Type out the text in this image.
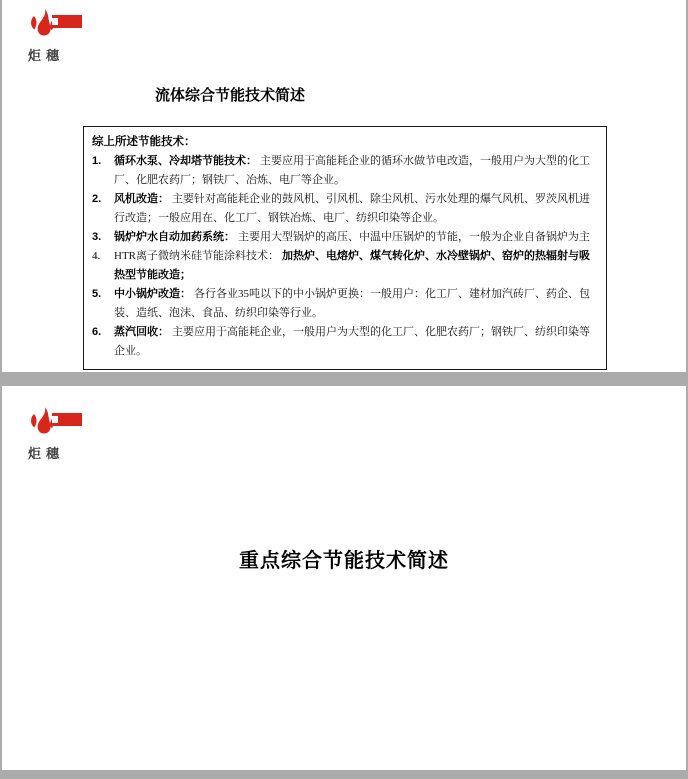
炬穗
流体综合节能技术简述
综上所述节能技术：
1.	循环水泵、冷却塔节能技术： 主要应用于高能耗企业的循环水做节电改造，一般用户为大型的化工厂、化肥农药厂；钢铁厂、冶炼、电厂等企业。
2.	风机改造： 主要针对高能耗企业的鼓风机、引风机、除尘风机、污水处理的爆气风机、罗茨风机进行改造；一般应用在、化工厂、钢铁冶炼、电厂、纺织印染等企业。
3.	锅炉炉水自动加药系统： 主要用大型锅炉的高压、中温中压锅炉的节能，一般为企业自备锅炉为主
4.	HTR离子微纳米硅节能涂料技术： 加热炉、电熔炉、煤气转化炉、水冷壁锅炉、窑炉的热辐射与吸热型节能改造；
5.	中小锅炉改造： 各行各业35吨以下的中小锅炉更换：一般用户：化工厂、建材加汽砖厂、药企、包装、造纸、泡沫、食品、纺织印染等行业。
6.	蒸汽回收： 主要应用于高能耗企业，一般用户为大型的化工厂、化肥农药厂；钢铁厂、纺织印染等企业。
炬穗
重点综合节能技术简述
